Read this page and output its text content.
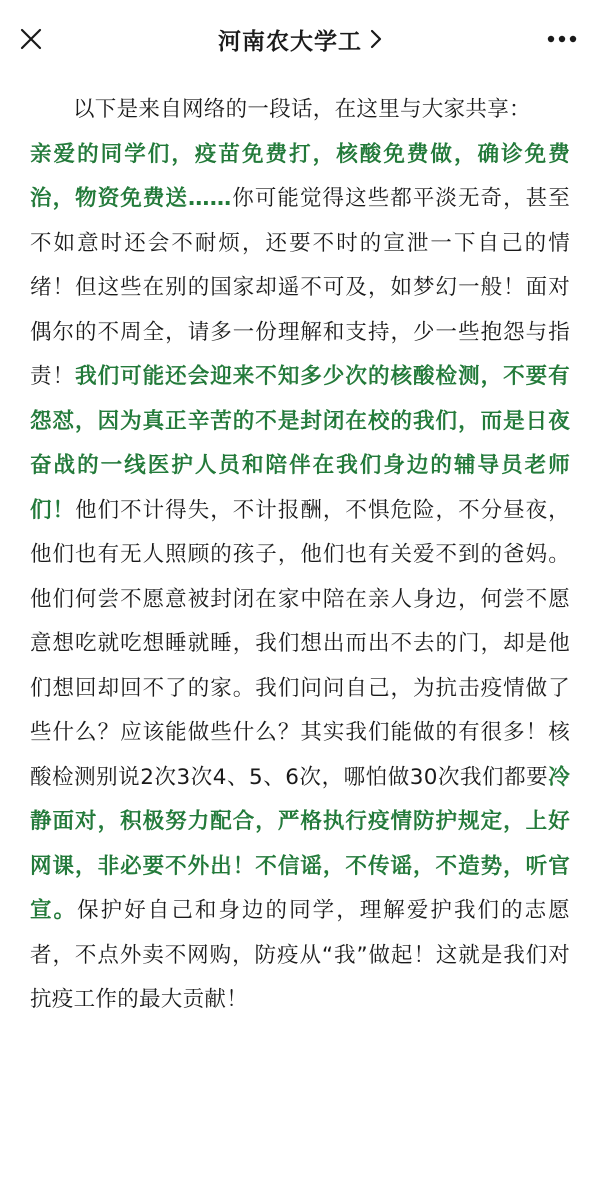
河南农大学工

以下是来自网络的一段话，在这里与大家共享：

亲爱的同学们，疫苗免费打，核酸免费做，确诊免费治，物资免费送……你可能觉得这些都平淡无奇，甚至不如意时还会不耐烦，还要不时的宣泄一下自己的情绪！但这些在别的国家却遥不可及，如梦幻一般！面对偶尔的不周全，请多一份理解和支持，少一些抱怨与指责！我们可能还会迎来不知多少次的核酸检测，不要有怨怼，因为真正辛苦的不是封闭在校的我们，而是日夜奋战的一线医护人员和陪伴在我们身边的辅导员老师们！他们不计得失，不计报酬，不惧危险，不分昼夜，他们也有无人照顾的孩子，他们也有关爱不到的爸妈。他们何尝不愿意被封闭在家中陪在亲人身边，何尝不愿意想吃就吃想睡就睡，我们想出而出不去的门，却是他们想回却回不了的家。我们问问自己，为抗击疫情做了些什么？应该能做些什么？其实我们能做的有很多！核酸检测别说2次3次4、5、6次，哪怕做30次我们都要冷静面对，积极努力配合，严格执行疫情防护规定，上好网课，非必要不外出！不信谣，不传谣，不造势，听官宣。保护好自己和身边的同学，理解爱护我们的志愿者，不点外卖不网购，防疫从“我”做起！这就是我们对抗疫工作的最大贡献！
